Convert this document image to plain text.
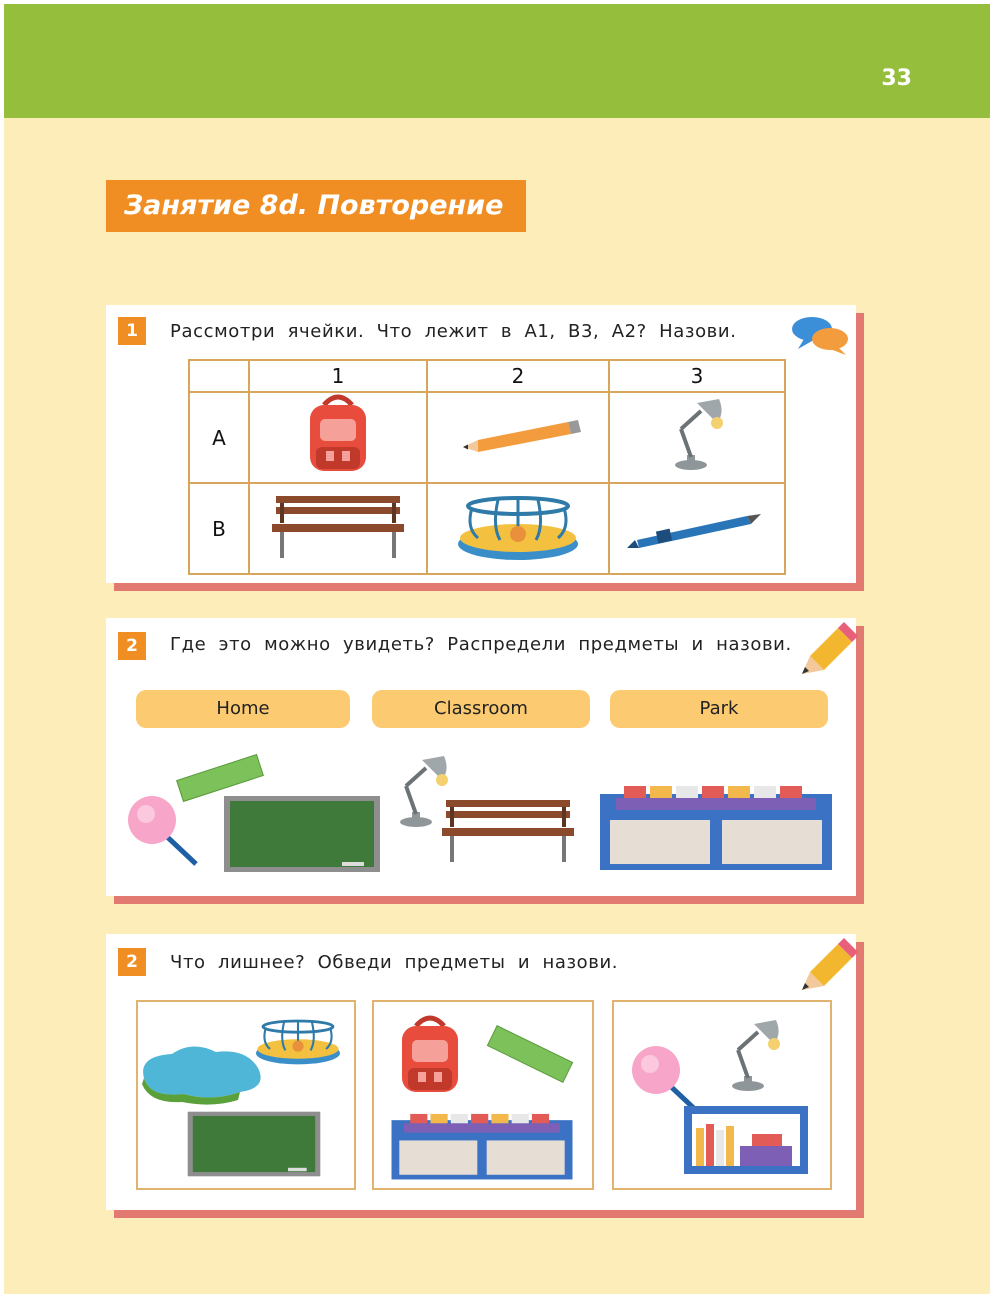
33
Занятие 8d. Повторение
1	Рассмотри ячейки. Что лежит в A1, B3, A2? Назови.
	1	2	3
A			
B			
2	Где это можно увидеть? Распредели предметы и назови.
Home	Classroom	Park
2	Что лишнее? Обведи предметы и назови.
